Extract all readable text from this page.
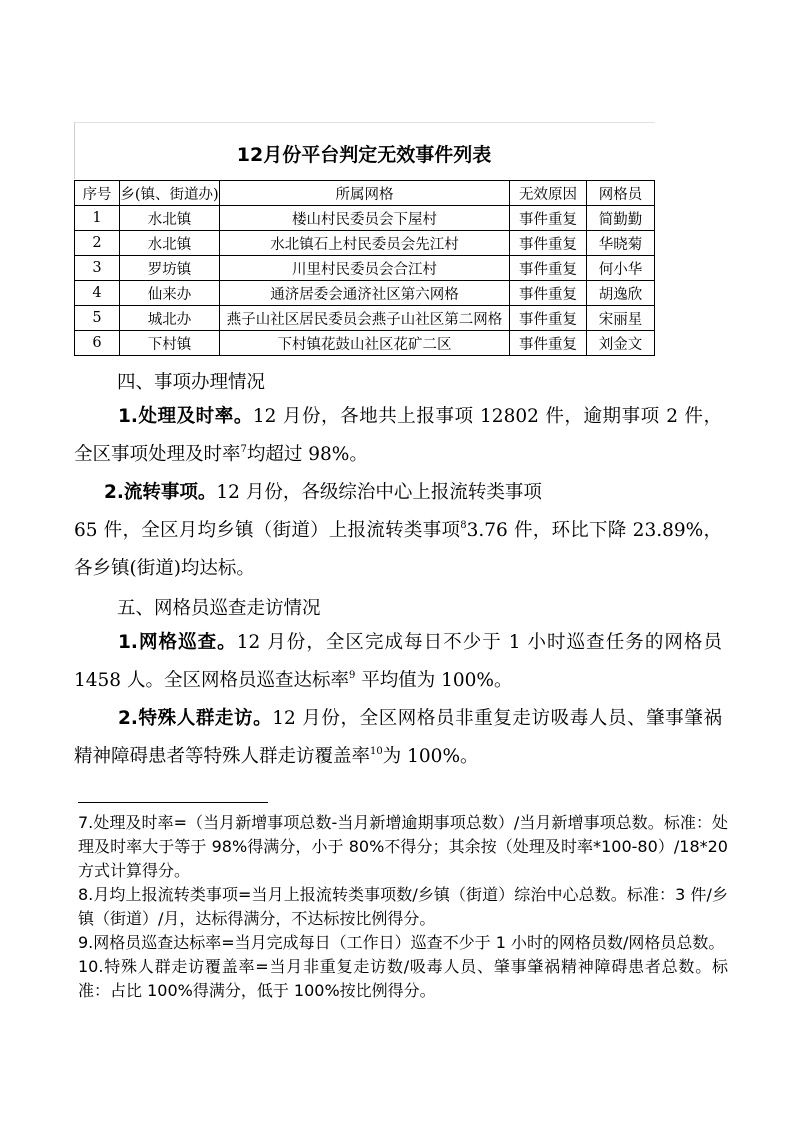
12月份平台判定无效事件列表
序号	乡(镇、街道办)	所属网格	无效原因	网格员
1	水北镇	楼山村民委员会下屋村	事件重复	简勤勤
2	水北镇	水北镇石上村民委员会先江村	事件重复	华晓菊
3	罗坊镇	川里村民委员会合江村	事件重复	何小华
4	仙来办	通济居委会通济社区第六网格	事件重复	胡逸欣
5	城北办	燕子山社区居民委员会燕子山社区第二网格	事件重复	宋丽星
6	下村镇	下村镇花鼓山社区花矿二区	事件重复	刘金文
四、事项办理情况
1.处理及时率。12 月份，各地共上报事项 12802 件，逾期事项 2 件，全区事项处理及时率$^7$均超过 98%。
2.流转事项。12 月份，各级综治中心上报流转类事项
65 件，全区月均乡镇（街道）上报流转类事项$^8$3.76 件，环比下降 23.89%，各乡镇(街道)均达标。
五、网格员巡查走访情况
1.网格巡查。12 月份，全区完成每日不少于 1 小时巡查任务的网格员 1458 人。全区网格员巡查达标率$^9$ 平均值为 100%。
2.特殊人群走访。12 月份，全区网格员非重复走访吸毒人员、肇事肇祸精神障碍患者等特殊人群走访覆盖率$^{10}$为 100%。

7.处理及时率=（当月新增事项总数-当月新增逾期事项总数）/当月新增事项总数。标准：处理及时率大于等于 98%得满分，小于 80%不得分；其余按（处理及时率*100-80）/18*20 方式计算得分。

8.月均上报流转类事项=当月上报流转类事项数/乡镇（街道）综治中心总数。标准：3 件/乡镇（街道）/月，达标得满分，不达标按比例得分。

9.网格员巡查达标率=当月完成每日（工作日）巡查不少于 1 小时的网格员数/网格员总数。

10.特殊人群走访覆盖率=当月非重复走访数/吸毒人员、肇事肇祸精神障碍患者总数。标准：占比 100%得满分，低于 100%按比例得分。
